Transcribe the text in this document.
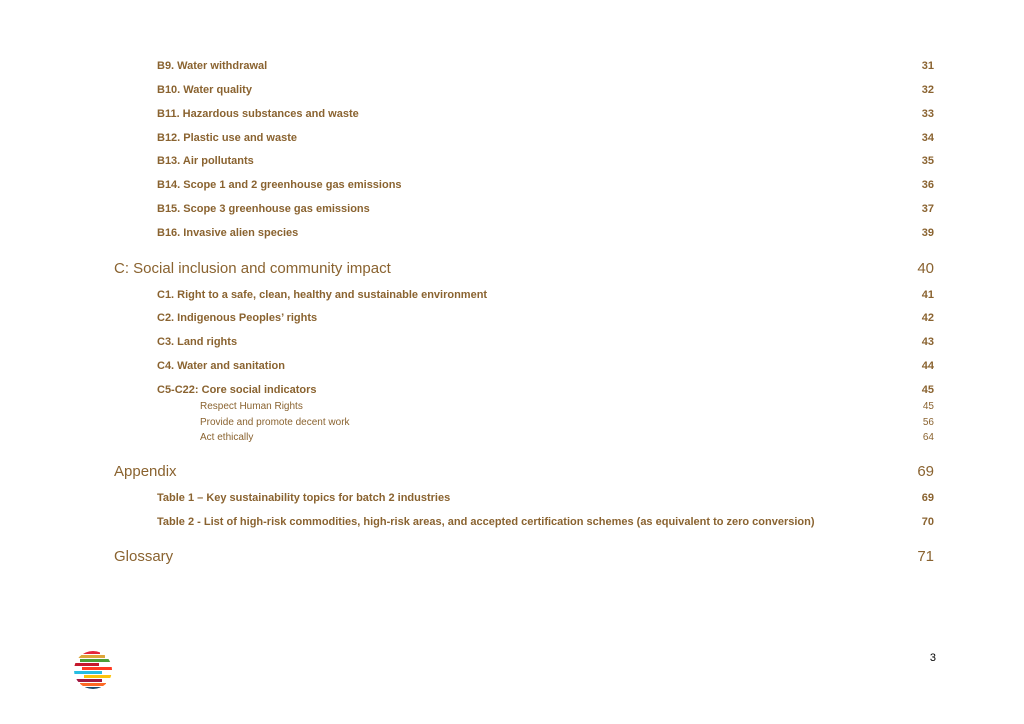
B9. Water withdrawal	31
B10. Water quality	32
B11. Hazardous substances and waste	33
B12. Plastic use and waste	34
B13. Air pollutants	35
B14. Scope 1 and 2 greenhouse gas emissions	36
B15. Scope 3 greenhouse gas emissions	37
B16. Invasive alien species	39
C: Social inclusion and community impact	40
C1. Right to a safe, clean, healthy and sustainable environment	41
C2. Indigenous Peoples’ rights	42
C3. Land rights	43
C4. Water and sanitation	44
C5-C22: Core social indicators	45
Respect Human Rights	45
Provide and promote decent work	56
Act ethically	64
Appendix	69
Table 1 – Key sustainability topics for batch 2 industries	69
Table 2 - List of high-risk commodities, high-risk areas, and accepted certification schemes (as equivalent to zero conversion)	70
Glossary	71
3
